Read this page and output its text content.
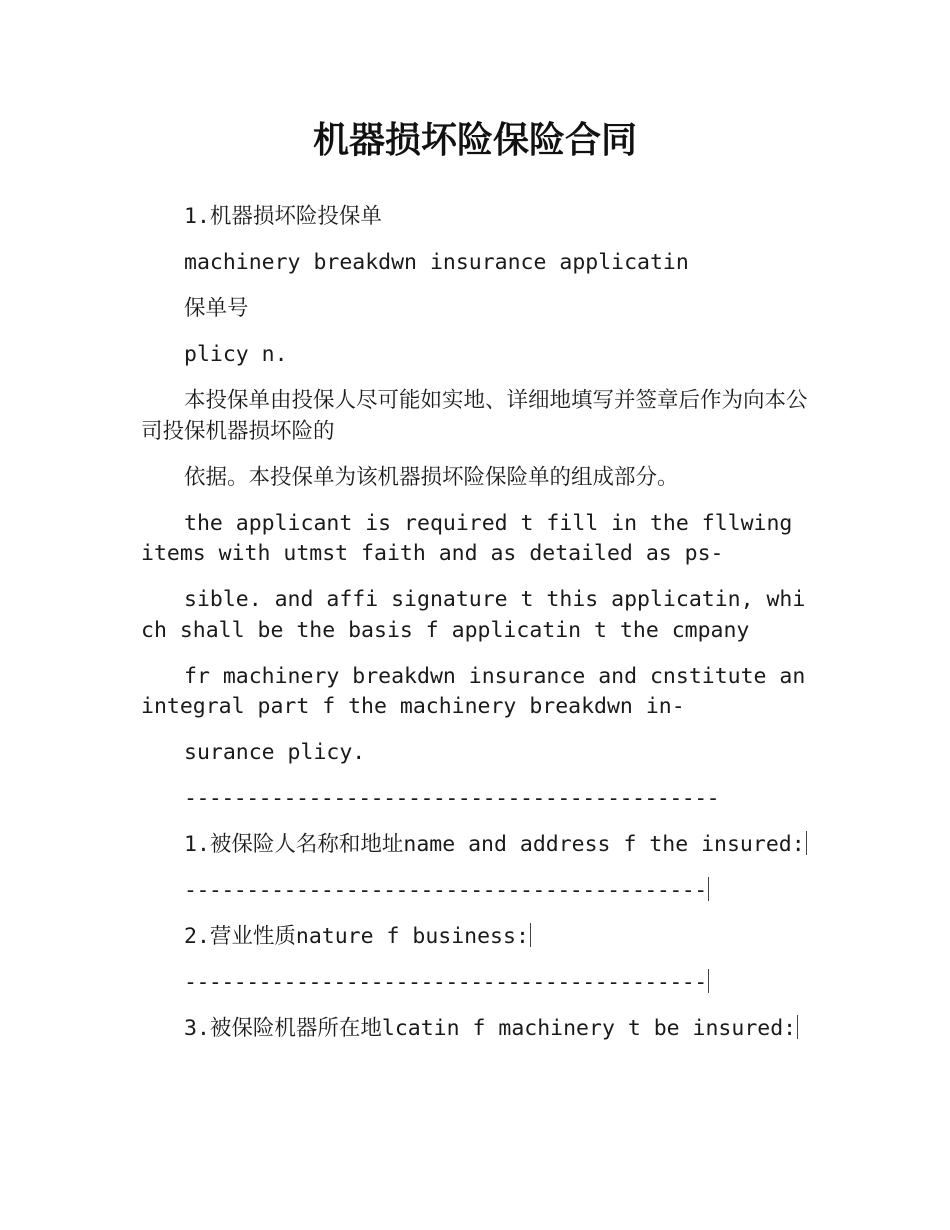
机器损坏险保险合同

1.机器损坏险投保单

machinery breakdwn insurance applicatin

保单号

plicy n.

本投保单由投保人尽可能如实地、详细地填写并签章后作为向本公司投保机器损坏险的

依据。本投保单为该机器损坏险保险单的组成部分。

the applicant is required t fill in the fllwing items with utmst faith and as detailed as ps-

sible. and affi signature t this applicatin, which shall be the basis f applicatin t the cmpany

fr machinery breakdwn insurance and cnstitute an integral part f the machinery breakdwn in-

surance plicy.

-------------------------------------------

1.被保险人名称和地址name and address f the insured:

------------------------------------------

2.营业性质nature f business:

------------------------------------------

3.被保险机器所在地lcatin f machinery t be insured:
